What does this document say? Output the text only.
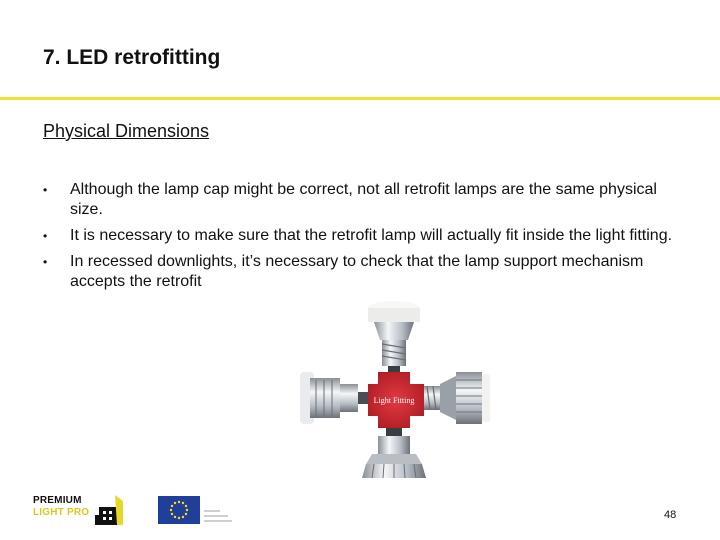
7. LED retrofitting
Physical Dimensions
• Although the lamp cap might be correct, not all retrofit lamps are the same physical size.
• It is necessary to make sure that the retrofit lamp will actually fit inside the light fitting.
• In recessed downlights, it’s necessary to check that the lamp support mechanism accepts the retrofit
Light Fitting
PREMIUM
LIGHT PRO	48
